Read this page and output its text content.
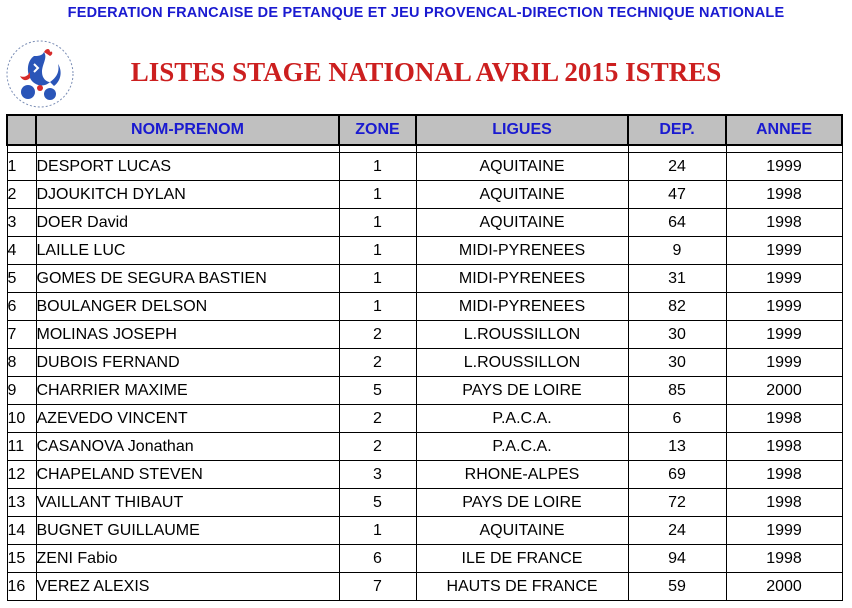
FEDERATION FRANCAISE DE PETANQUE ET JEU PROVENCAL-DIRECTION TECHNIQUE NATIONALE
LISTES STAGE NATIONAL AVRIL 2015 ISTRES
	NOM-PRENOM	ZONE	LIGUES	DEP.	ANNEE

1	DESPORT LUCAS	1	AQUITAINE	24	1999
2	DJOUKITCH DYLAN	1	AQUITAINE	47	1998
3	DOER David	1	AQUITAINE	64	1998
4	LAILLE LUC	1	MIDI-PYRENEES	9	1999
5	GOMES DE SEGURA BASTIEN	1	MIDI-PYRENEES	31	1999
6	BOULANGER DELSON	1	MIDI-PYRENEES	82	1999
7	MOLINAS JOSEPH	2	L.ROUSSILLON	30	1999
8	DUBOIS FERNAND	2	L.ROUSSILLON	30	1999
9	CHARRIER MAXIME	5	PAYS DE LOIRE	85	2000
10	AZEVEDO VINCENT	2	P.A.C.A.	6	1998
11	CASANOVA Jonathan	2	P.A.C.A.	13	1998
12	CHAPELAND STEVEN	3	RHONE-ALPES	69	1998
13	VAILLANT THIBAUT	5	PAYS DE LOIRE	72	1998
14	BUGNET GUILLAUME	1	AQUITAINE	24	1999
15	ZENI Fabio	6	ILE DE FRANCE	94	1998
16	VEREZ ALEXIS	7	HAUTS DE FRANCE	59	2000
